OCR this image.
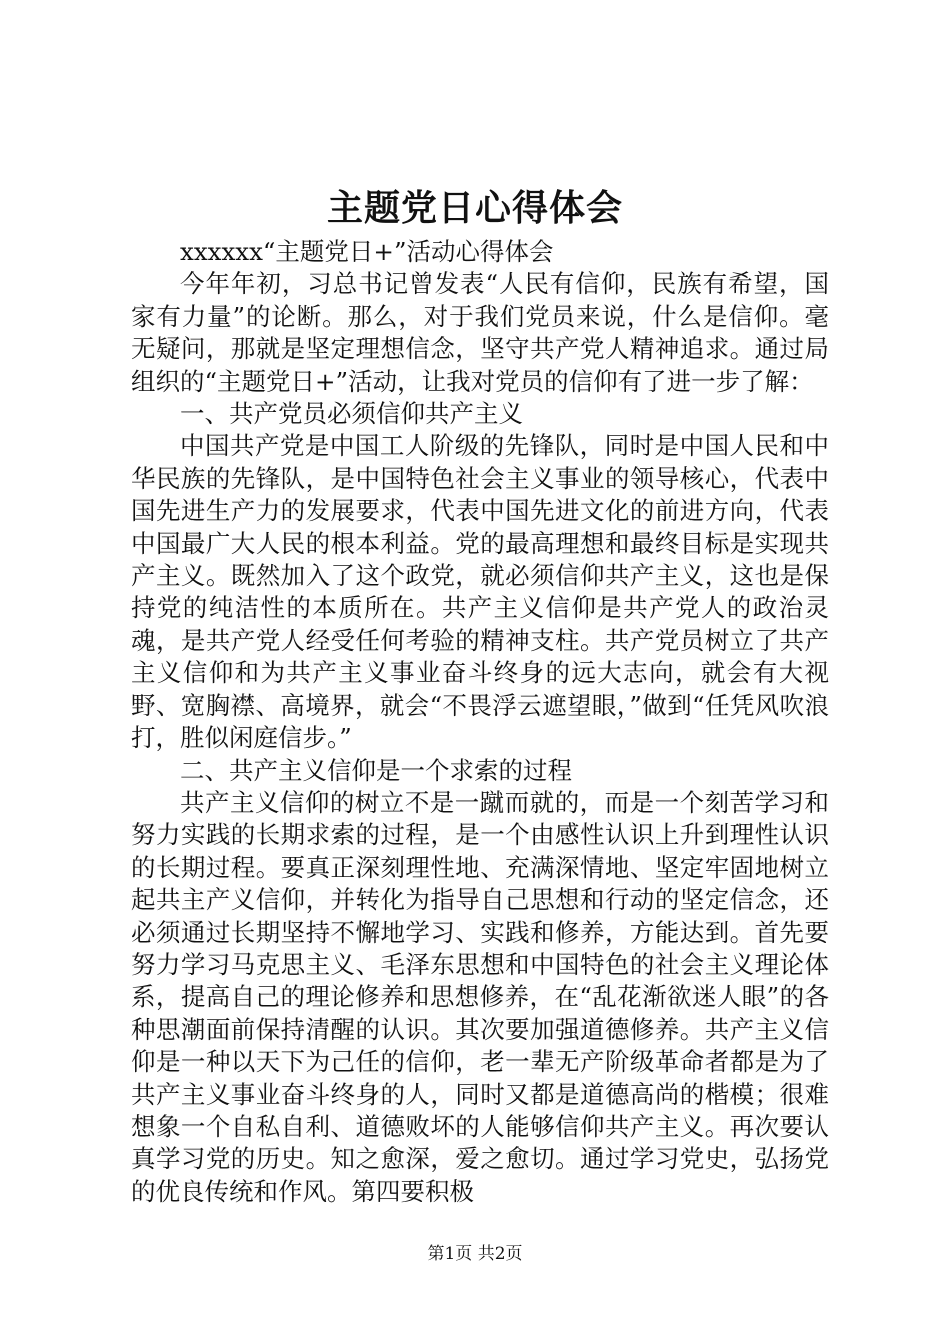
主题党日心得体会

xxxxxx“主题党日+”活动心得体会

今年年初，习总书记曾发表“人民有信仰，民族有希望，国家有力量”的论断。那么，对于我们党员来说，什么是信仰。毫无疑问，那就是坚定理想信念，坚守共产党人精神追求。通过局组织的“主题党日+”活动，让我对党员的信仰有了进一步了解：

一、共产党员必须信仰共产主义

中国共产党是中国工人阶级的先锋队，同时是中国人民和中华民族的先锋队，是中国特色社会主义事业的领导核心，代表中国先进生产力的发展要求，代表中国先进文化的前进方向，代表中国最广大人民的根本利益。党的最高理想和最终目标是实现共产主义。既然加入了这个政党，就必须信仰共产主义，这也是保持党的纯洁性的本质所在。共产主义信仰是共产党人的政治灵魂，是共产党人经受任何考验的精神支柱。共产党员树立了共产主义信仰和为共产主义事业奋斗终身的远大志向，就会有大视野、宽胸襟、高境界，就会“不畏浮云遮望眼，”做到“任凭风吹浪打，胜似闲庭信步。”

二、共产主义信仰是一个求索的过程

共产主义信仰的树立不是一蹴而就的，而是一个刻苦学习和努力实践的长期求索的过程，是一个由感性认识上升到理性认识的长期过程。要真正深刻理性地、充满深情地、坚定牢固地树立起共主产义信仰，并转化为指导自己思想和行动的坚定信念，还必须通过长期坚持不懈地学习、实践和修养，方能达到。首先要努力学习马克思主义、毛泽东思想和中国特色的社会主义理论体系，提高自己的理论修养和思想修养，在“乱花渐欲迷人眼”的各种思潮面前保持清醒的认识。其次要加强道德修养。共产主义信仰是一种以天下为己任的信仰，老一辈无产阶级革命者都是为了共产主义事业奋斗终身的人，同时又都是道德高尚的楷模；很难想象一个自私自利、道德败坏的人能够信仰共产主义。再次要认真学习党的历史。知之愈深，爱之愈切。通过学习党史，弘扬党的优良传统和作风。第四要积极

第1页 共2页
